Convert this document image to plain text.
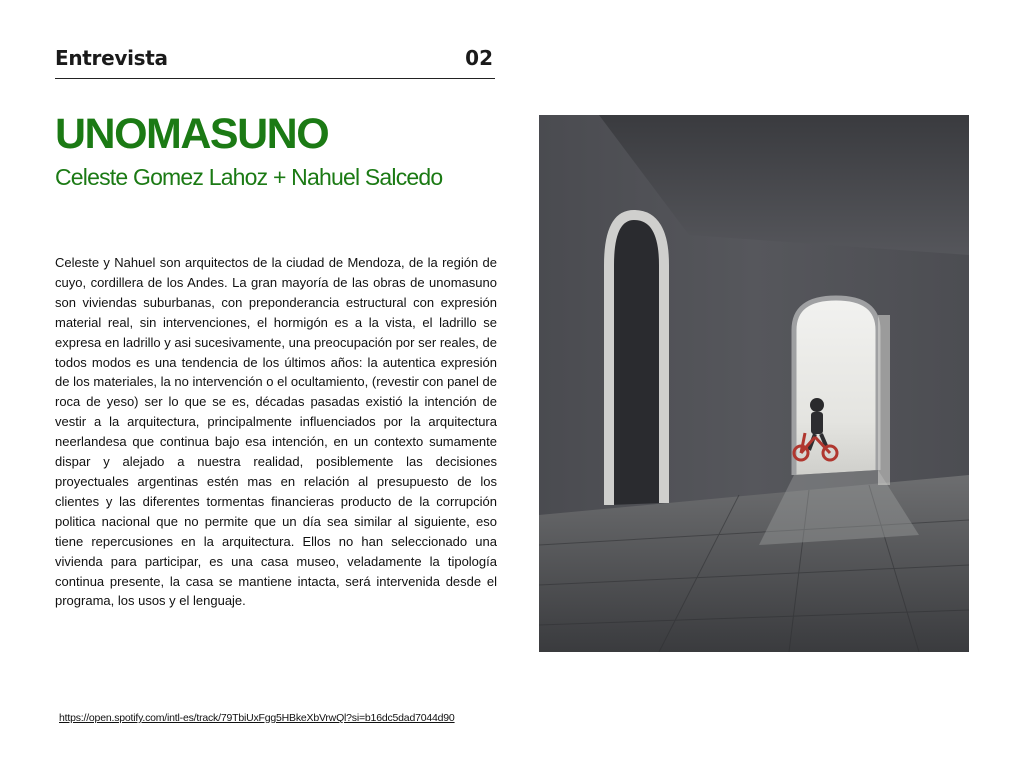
Entrevista	02
UNOMASUNO
Celeste Gomez Lahoz + Nahuel Salcedo

Celeste y Nahuel son arquitectos de la ciudad de Mendoza, de la región de cuyo, cordillera de los Andes. La gran mayoría de las obras de unomasuno son viviendas suburbanas, con preponderancia estructural con expresión material real, sin intervenciones, el hormigón es a la vista, el ladrillo se expresa en ladrillo y asi sucesivamente, una preocupación por ser reales, de todos modos es una tendencia de los últimos años: la autentica expresión de los materiales, la no intervención o el ocultamiento, (revestir con panel de roca de yeso) ser lo que se es, décadas pasadas existió la intención de vestir a la arquitectura, principalmente influenciados por la arquitectura neerlandesa que continua bajo esa intención, en un contexto sumamente dispar y alejado a nuestra realidad, posiblemente las decisiones proyectuales argentinas estén mas en relación al presupuesto de los clientes y las diferentes tormentas financieras producto de la corrupción politica nacional que no permite que un día sea similar al siguiente, eso tiene repercusiones en la arquitectura. Ellos no han seleccionado una vivienda para participar, es una casa museo, veladamente la tipología continua presente, la casa se mantiene intacta, será intervenida desde el programa, los usos y el lenguaje.

https://open.spotify.com/intl-es/track/79TbiUxFgg5HBkeXbVrwQl?si=b16dc5dad7044d90
